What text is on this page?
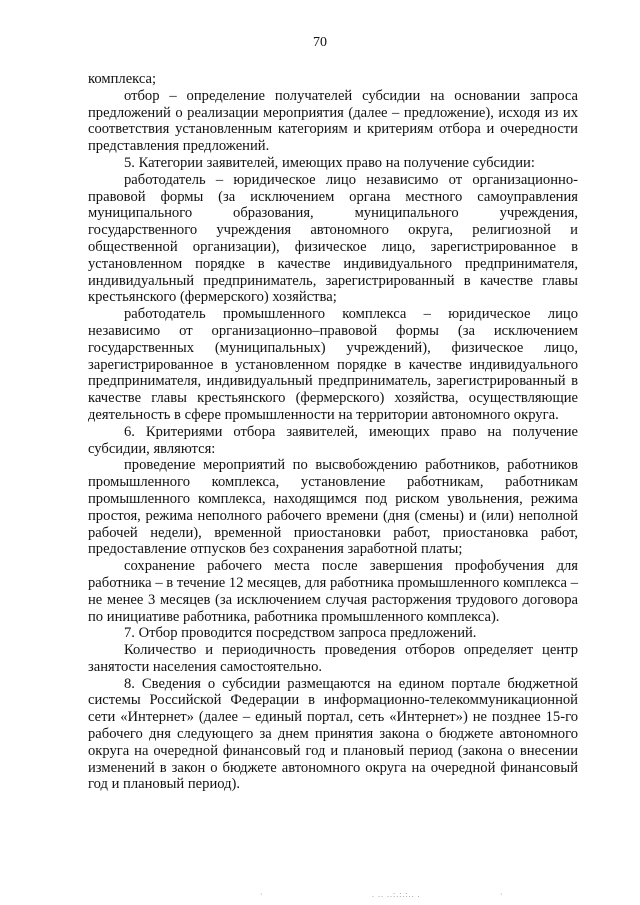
70

комплекса;

отбор – определение получателей субсидии на основании запроса предложений о реализации мероприятия (далее – предложение), исходя из их соответствия установленным категориям и критериям отбора и очередности представления предложений.

5. Категории заявителей, имеющих право на получение субсидии:

работодатель – юридическое лицо независимо от организационно-правовой формы (за исключением органа местного самоуправления муниципального образования, муниципального учреждения, государственного учреждения автономного округа, религиозной и общественной организации), физическое лицо, зарегистрированное в установленном порядке в качестве индивидуального предпринимателя, индивидуальный предприниматель, зарегистрированный в качестве главы крестьянского (фермерского) хозяйства;

работодатель промышленного комплекса – юридическое лицо независимо от организационно–правовой формы (за исключением государственных (муниципальных) учреждений), физическое лицо, зарегистрированное в установленном порядке в качестве индивидуального предпринимателя, индивидуальный предприниматель, зарегистрированный в качестве главы крестьянского (фермерского) хозяйства, осуществляющие деятельность в сфере промышленности на территории автономного округа.

6. Критериями отбора заявителей, имеющих право на получение субсидии, являются:

проведение мероприятий по высвобождению работников, работников промышленного комплекса, установление работникам, работникам промышленного комплекса, находящимся под риском увольнения, режима простоя, режима неполного рабочего времени (дня (смены) и (или) неполной рабочей недели), временной приостановки работ, приостановка работ, предоставление отпусков без сохранения заработной платы;

сохранение рабочего места после завершения профобучения для работника – в течение 12 месяцев, для работника промышленного комплекса – не менее 3 месяцев (за исключением случая расторжения трудового договора по инициативе работника, работника промышленного комплекса).

7. Отбор проводится посредством запроса предложений.

Количество и периодичность проведения отборов определяет центр занятости населения самостоятельно.

8. Сведения о субсидии размещаются на едином портале бюджетной системы Российской Федерации в информационно-телекоммуникационной сети «Интернет» (далее – единый портал, сеть «Интернет») не позднее 15-го рабочего дня следующего за днем принятия закона о бюджете автономного округа на очередной финансовый год и плановый период (закона о внесении изменений в закон о бюджете автономного округа на очередной финансовый год и плановый период).

·	. .. ..:.:.:.. .	·
